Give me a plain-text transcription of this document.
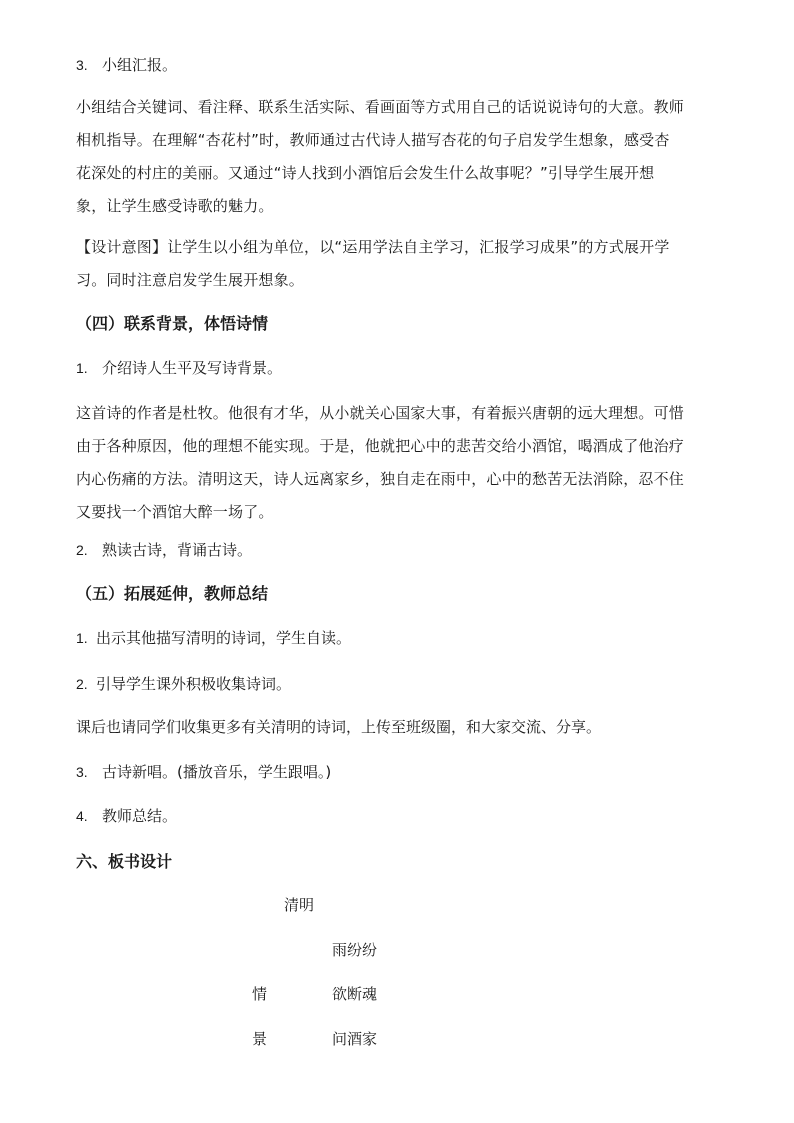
3. 小组汇报。
小组结合关键词、看注释、联系生活实际、看画面等方式用自己的话说说诗句的大意。教师
相机指导。在理解“杏花村”时，教师通过古代诗人描写杏花的句子启发学生想象，感受杏
花深处的村庄的美丽。又通过“诗人找到小酒馆后会发生什么故事呢？”引导学生展开想
象，让学生感受诗歌的魅力。
【设计意图】让学生以小组为单位，以“运用学法自主学习，汇报学习成果”的方式展开学
习。同时注意启发学生展开想象。
（四）联系背景，体悟诗情
1. 介绍诗人生平及写诗背景。
这首诗的作者是杜牧。他很有才华，从小就关心国家大事，有着振兴唐朝的远大理想。可惜
由于各种原因，他的理想不能实现。于是，他就把心中的悲苦交给小酒馆，喝酒成了他治疗
内心伤痛的方法。清明这天，诗人远离家乡，独自走在雨中，心中的愁苦无法消除，忍不住
又要找一个酒馆大醉一场了。
2. 熟读古诗，背诵古诗。
（五）拓展延伸，教师总结
1. 出示其他描写清明的诗词，学生自读。
2. 引导学生课外积极收集诗词。
课后也请同学们收集更多有关清明的诗词，上传至班级圈，和大家交流、分享。
3. 古诗新唱。(播放音乐，学生跟唱。)
4. 教师总结。
六、板书设计
清明
雨纷纷
情	欲断魂
景	问酒家
